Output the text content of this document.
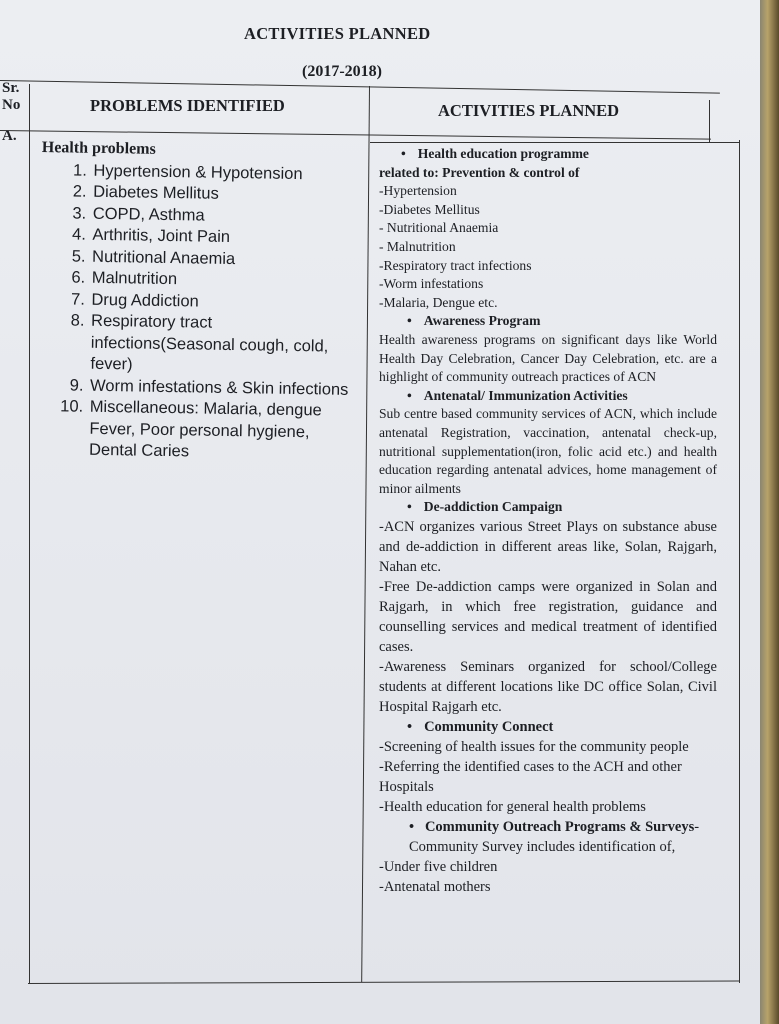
ACTIVITIES PLANNED
(2017-2018)
Sr.
No	PROBLEMS IDENTIFIED	ACTIVITIES PLANNED
A.
Health problems
1. Hypertension & Hypotension
2. Diabetes Mellitus
3. COPD, Asthma
4. Arthritis, Joint Pain
5. Nutritional Anaemia
6. Malnutrition
7. Drug Addiction
8. Respiratory tract infections(Seasonal cough, cold, fever)
9. Worm infestations & Skin infections
10. Miscellaneous: Malaria, dengue Fever, Poor personal hygiene, Dental Caries
• Health education programme
related to: Prevention & control of
-Hypertension
-Diabetes Mellitus
- Nutritional Anaemia
- Malnutrition
-Respiratory tract infections
-Worm infestations
-Malaria, Dengue etc.
• Awareness Program
Health awareness programs on significant days like World Health Day Celebration, Cancer Day Celebration, etc. are a highlight of community outreach practices of ACN
• Antenatal/ Immunization Activities
Sub centre based community services of ACN, which include antenatal Registration, vaccination, antenatal check-up, nutritional supplementation(iron, folic acid etc.) and health education regarding antenatal advices, home management of minor ailments
• De-addiction Campaign
-ACN organizes various Street Plays on substance abuse and de-addiction in different areas like, Solan, Rajgarh, Nahan etc.
-Free De-addiction camps were organized in Solan and Rajgarh, in which free registration, guidance and counselling services and medical treatment of identified cases.
-Awareness Seminars organized for school/College students at different locations like DC office Solan, Civil Hospital Rajgarh etc.
• Community Connect
-Screening of health issues for the community people
-Referring the identified cases to the ACH and other Hospitals
-Health education for general health problems
•   Community Outreach Programs & Surveys-Community Survey includes identification of,
-Under five children
-Antenatal mothers
